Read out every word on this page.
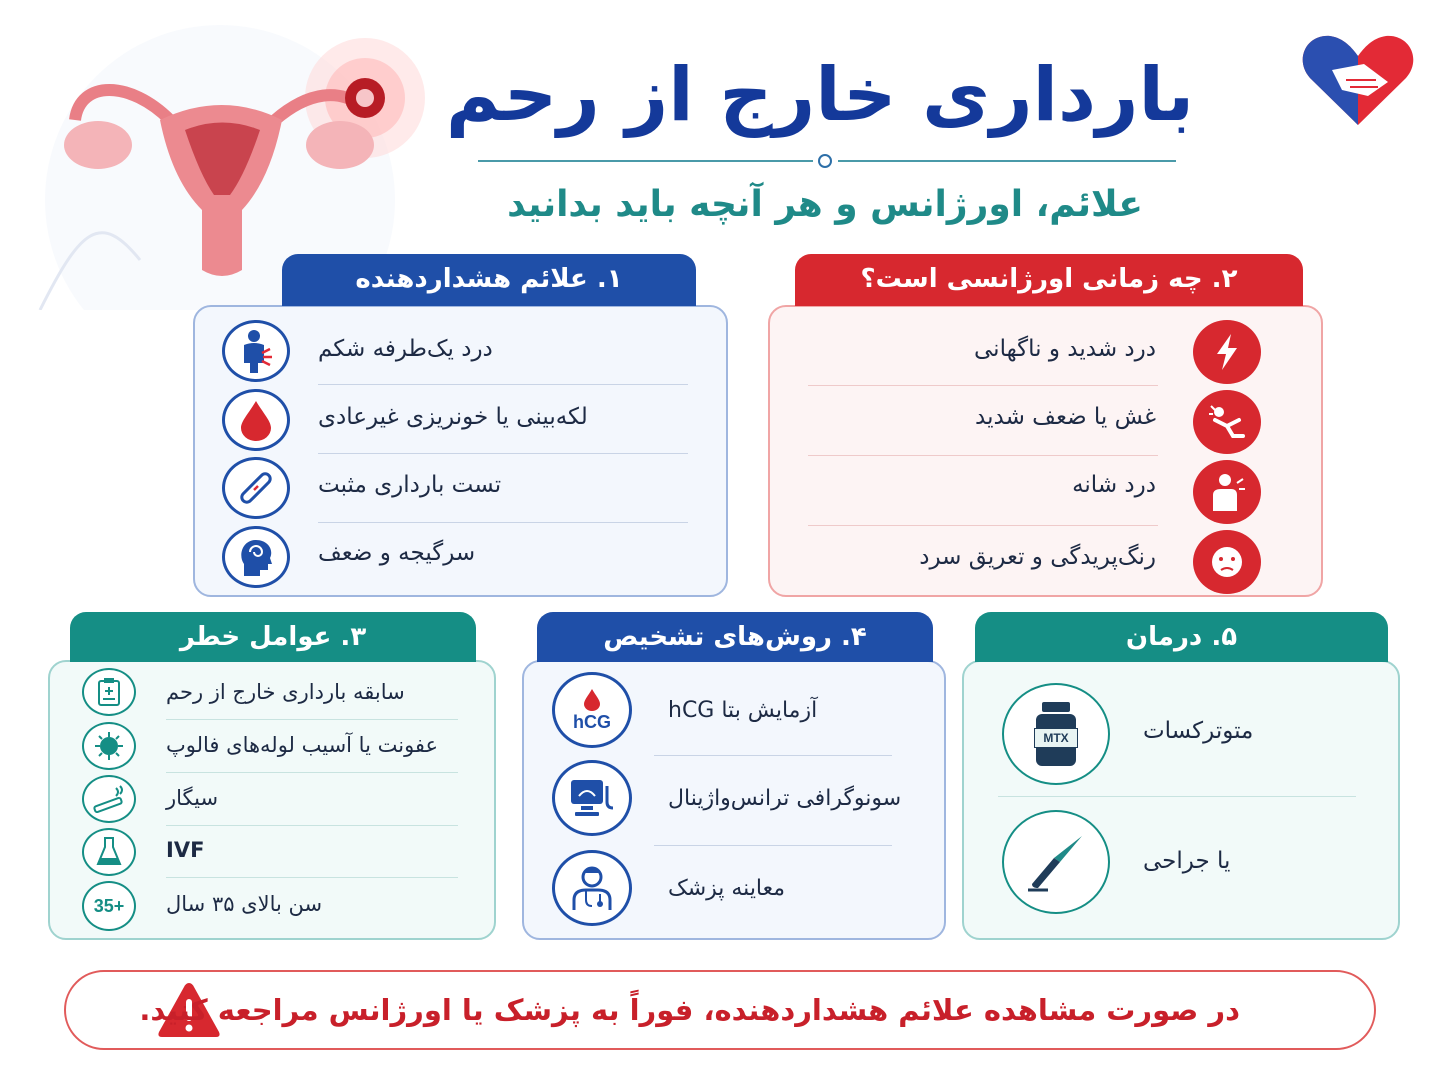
بارداری خارج از رحم
علائم، اورژانس و هر آنچه باید بدانید
۱. علائم هشداردهنده
درد یک‌طرفه شکم
لکه‌بینی یا خونریزی غیرعادی
تست بارداری مثبت
سرگیجه و ضعف
۲. چه زمانی اورژانسی است؟
درد شدید و ناگهانی
غش یا ضعف شدید
درد شانه
رنگ‌پریدگی و تعریق سرد
۳. عوامل خطر
سابقه بارداری خارج از رحم
عفونت یا آسیب لوله‌های فالوپ
سیگار
IVF
35+ سن بالای ۳۵ سال
۴. روش‌های تشخیص
hCG	آزمایش بتا hCG
سونوگرافی ترانس‌واژینال
معاینه پزشک
۵. درمان
MTX	متوترکسات
یا جراحی
در صورت مشاهده علائم هشداردهنده، فوراً به پزشک یا اورژانس مراجعه کنید.
